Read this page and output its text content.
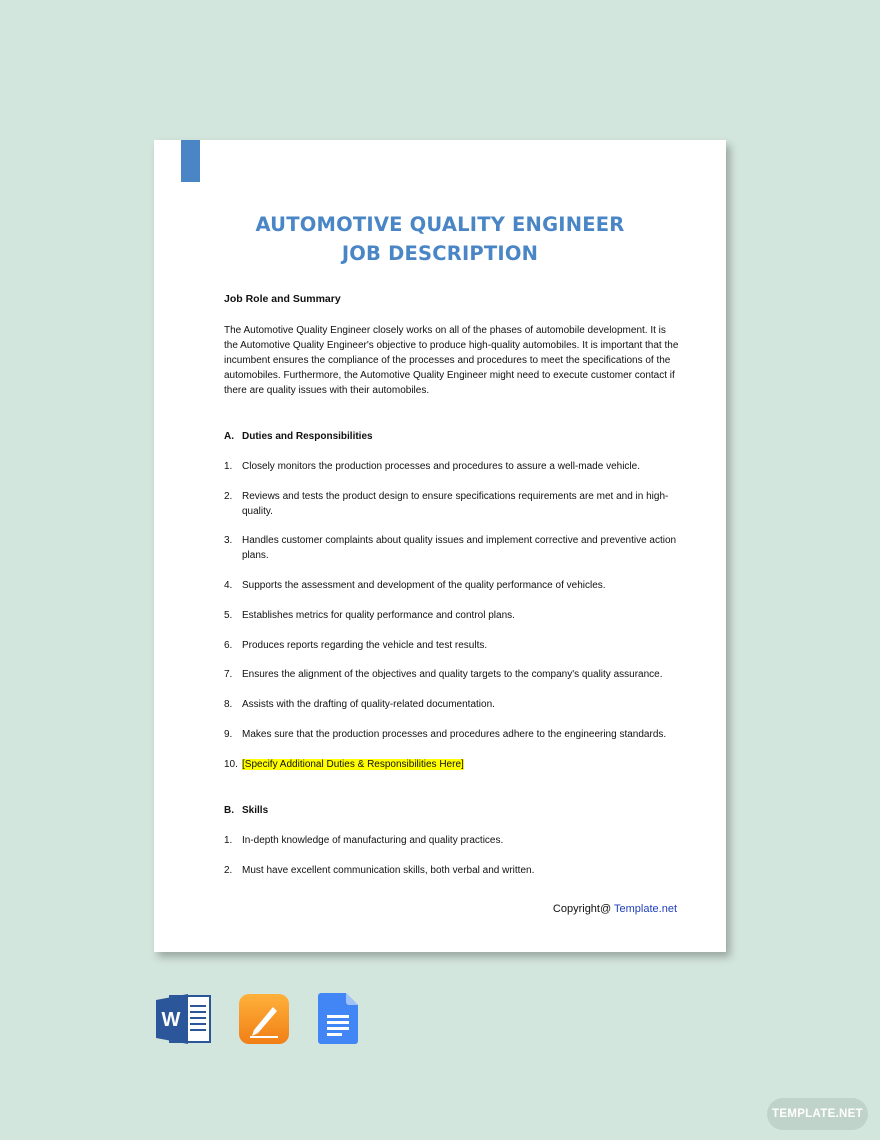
AUTOMOTIVE QUALITY ENGINEER
JOB DESCRIPTION
Job Role and Summary
The Automotive Quality Engineer closely works on all of the phases of automobile development. It is the Automotive Quality Engineer's objective to produce high-quality automobiles. It is important that the incumbent ensures the compliance of the processes and procedures to meet the specifications of the automobiles. Furthermore, the Automotive Quality Engineer might need to execute customer contact if there are quality issues with their automobiles.
A. Duties and Responsibilities
1. Closely monitors the production processes and procedures to assure a well-made vehicle.
2. Reviews and tests the product design to ensure specifications requirements are met and in high-quality.
3. Handles customer complaints about quality issues and implement corrective and preventive action plans.
4. Supports the assessment and development of the quality performance of vehicles.
5. Establishes metrics for quality performance and control plans.
6. Produces reports regarding the vehicle and test results.
7. Ensures the alignment of the objectives and quality targets to the company's quality assurance.
8. Assists with the drafting of quality-related documentation.
9. Makes sure that the production processes and procedures adhere to the engineering standards.
10. [Specify Additional Duties & Responsibilities Here]
B. Skills
1. In-depth knowledge of manufacturing and quality practices.
2. Must have excellent communication skills, both verbal and written.
Copyright@ Template.net
W
TEMPLATE.NET
